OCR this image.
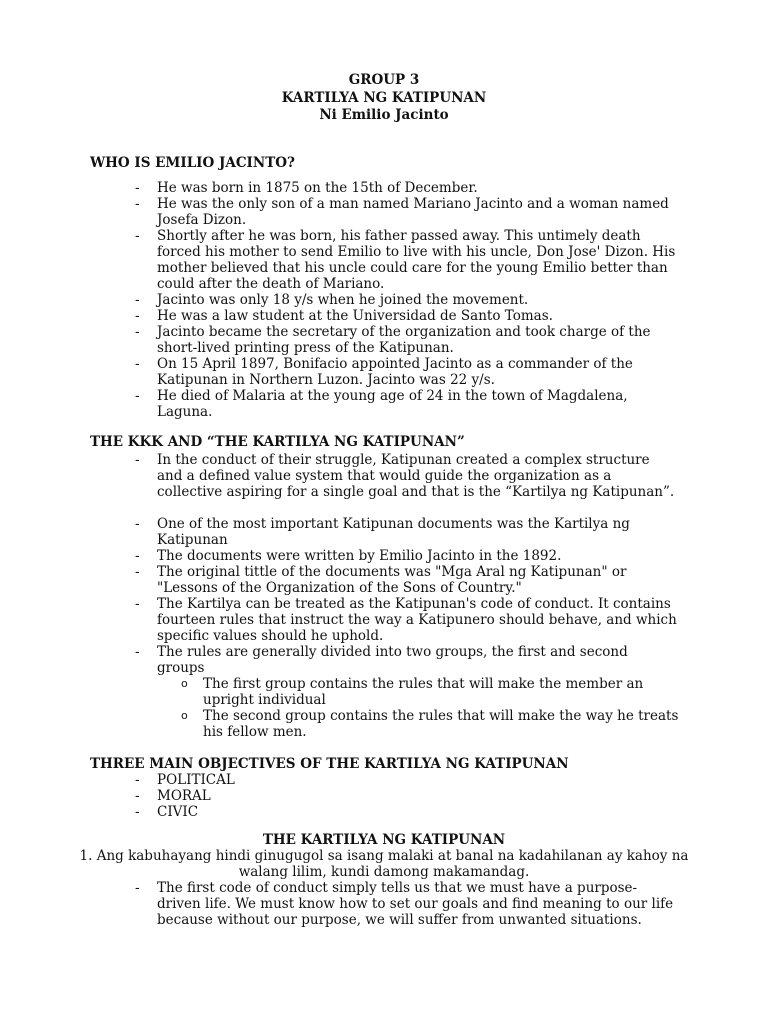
GROUP 3
KARTILYA NG KATIPUNAN
Ni Emilio Jacinto
WHO IS EMILIO JACINTO?
- He was born in 1875 on the 15th of December.
- He was the only son of a man named Mariano Jacinto and a woman named Josefa Dizon.
- Shortly after he was born, his father passed away. This untimely death forced his mother to send Emilio to live with his uncle, Don Jose' Dizon. His mother believed that his uncle could care for the young Emilio better than could after the death of Mariano.
- Jacinto was only 18 y/s when he joined the movement.
- He was a law student at the Universidad de Santo Tomas.
- Jacinto became the secretary of the organization and took charge of the short-lived printing press of the Katipunan.
- On 15 April 1897, Bonifacio appointed Jacinto as a commander of the Katipunan in Northern Luzon. Jacinto was 22 y/s.
- He died of Malaria at the young age of 24 in the town of Magdalena, Laguna.
THE KKK AND “THE KARTILYA NG KATIPUNAN”
- In the conduct of their struggle, Katipunan created a complex structure and a defined value system that would guide the organization as a collective aspiring for a single goal and that is the “Kartilya ng Katipunan”.
- One of the most important Katipunan documents was the Kartilya ng Katipunan
- The documents were written by Emilio Jacinto in the 1892.
- The original tittle of the documents was "Mga Aral ng Katipunan" or "Lessons of the Organization of the Sons of Country."
- The Kartilya can be treated as the Katipunan's code of conduct. It contains fourteen rules that instruct the way a Katipunero should behave, and which specific values should he uphold.
- The rules are generally divided into two groups, the first and second groups
o The first group contains the rules that will make the member an upright individual
o The second group contains the rules that will make the way he treats his fellow men.
THREE MAIN OBJECTIVES OF THE KARTILYA NG KATIPUNAN
- POLITICAL
- MORAL
- CIVIC
THE KARTILYA NG KATIPUNAN
1. Ang kabuhayang hindi ginugugol sa isang malaki at banal na kadahilanan ay kahoy na walang lilim, kundi damong makamandag.
- The first code of conduct simply tells us that we must have a purpose-driven life. We must know how to set our goals and find meaning to our life because without our purpose, we will suffer from unwanted situations.
